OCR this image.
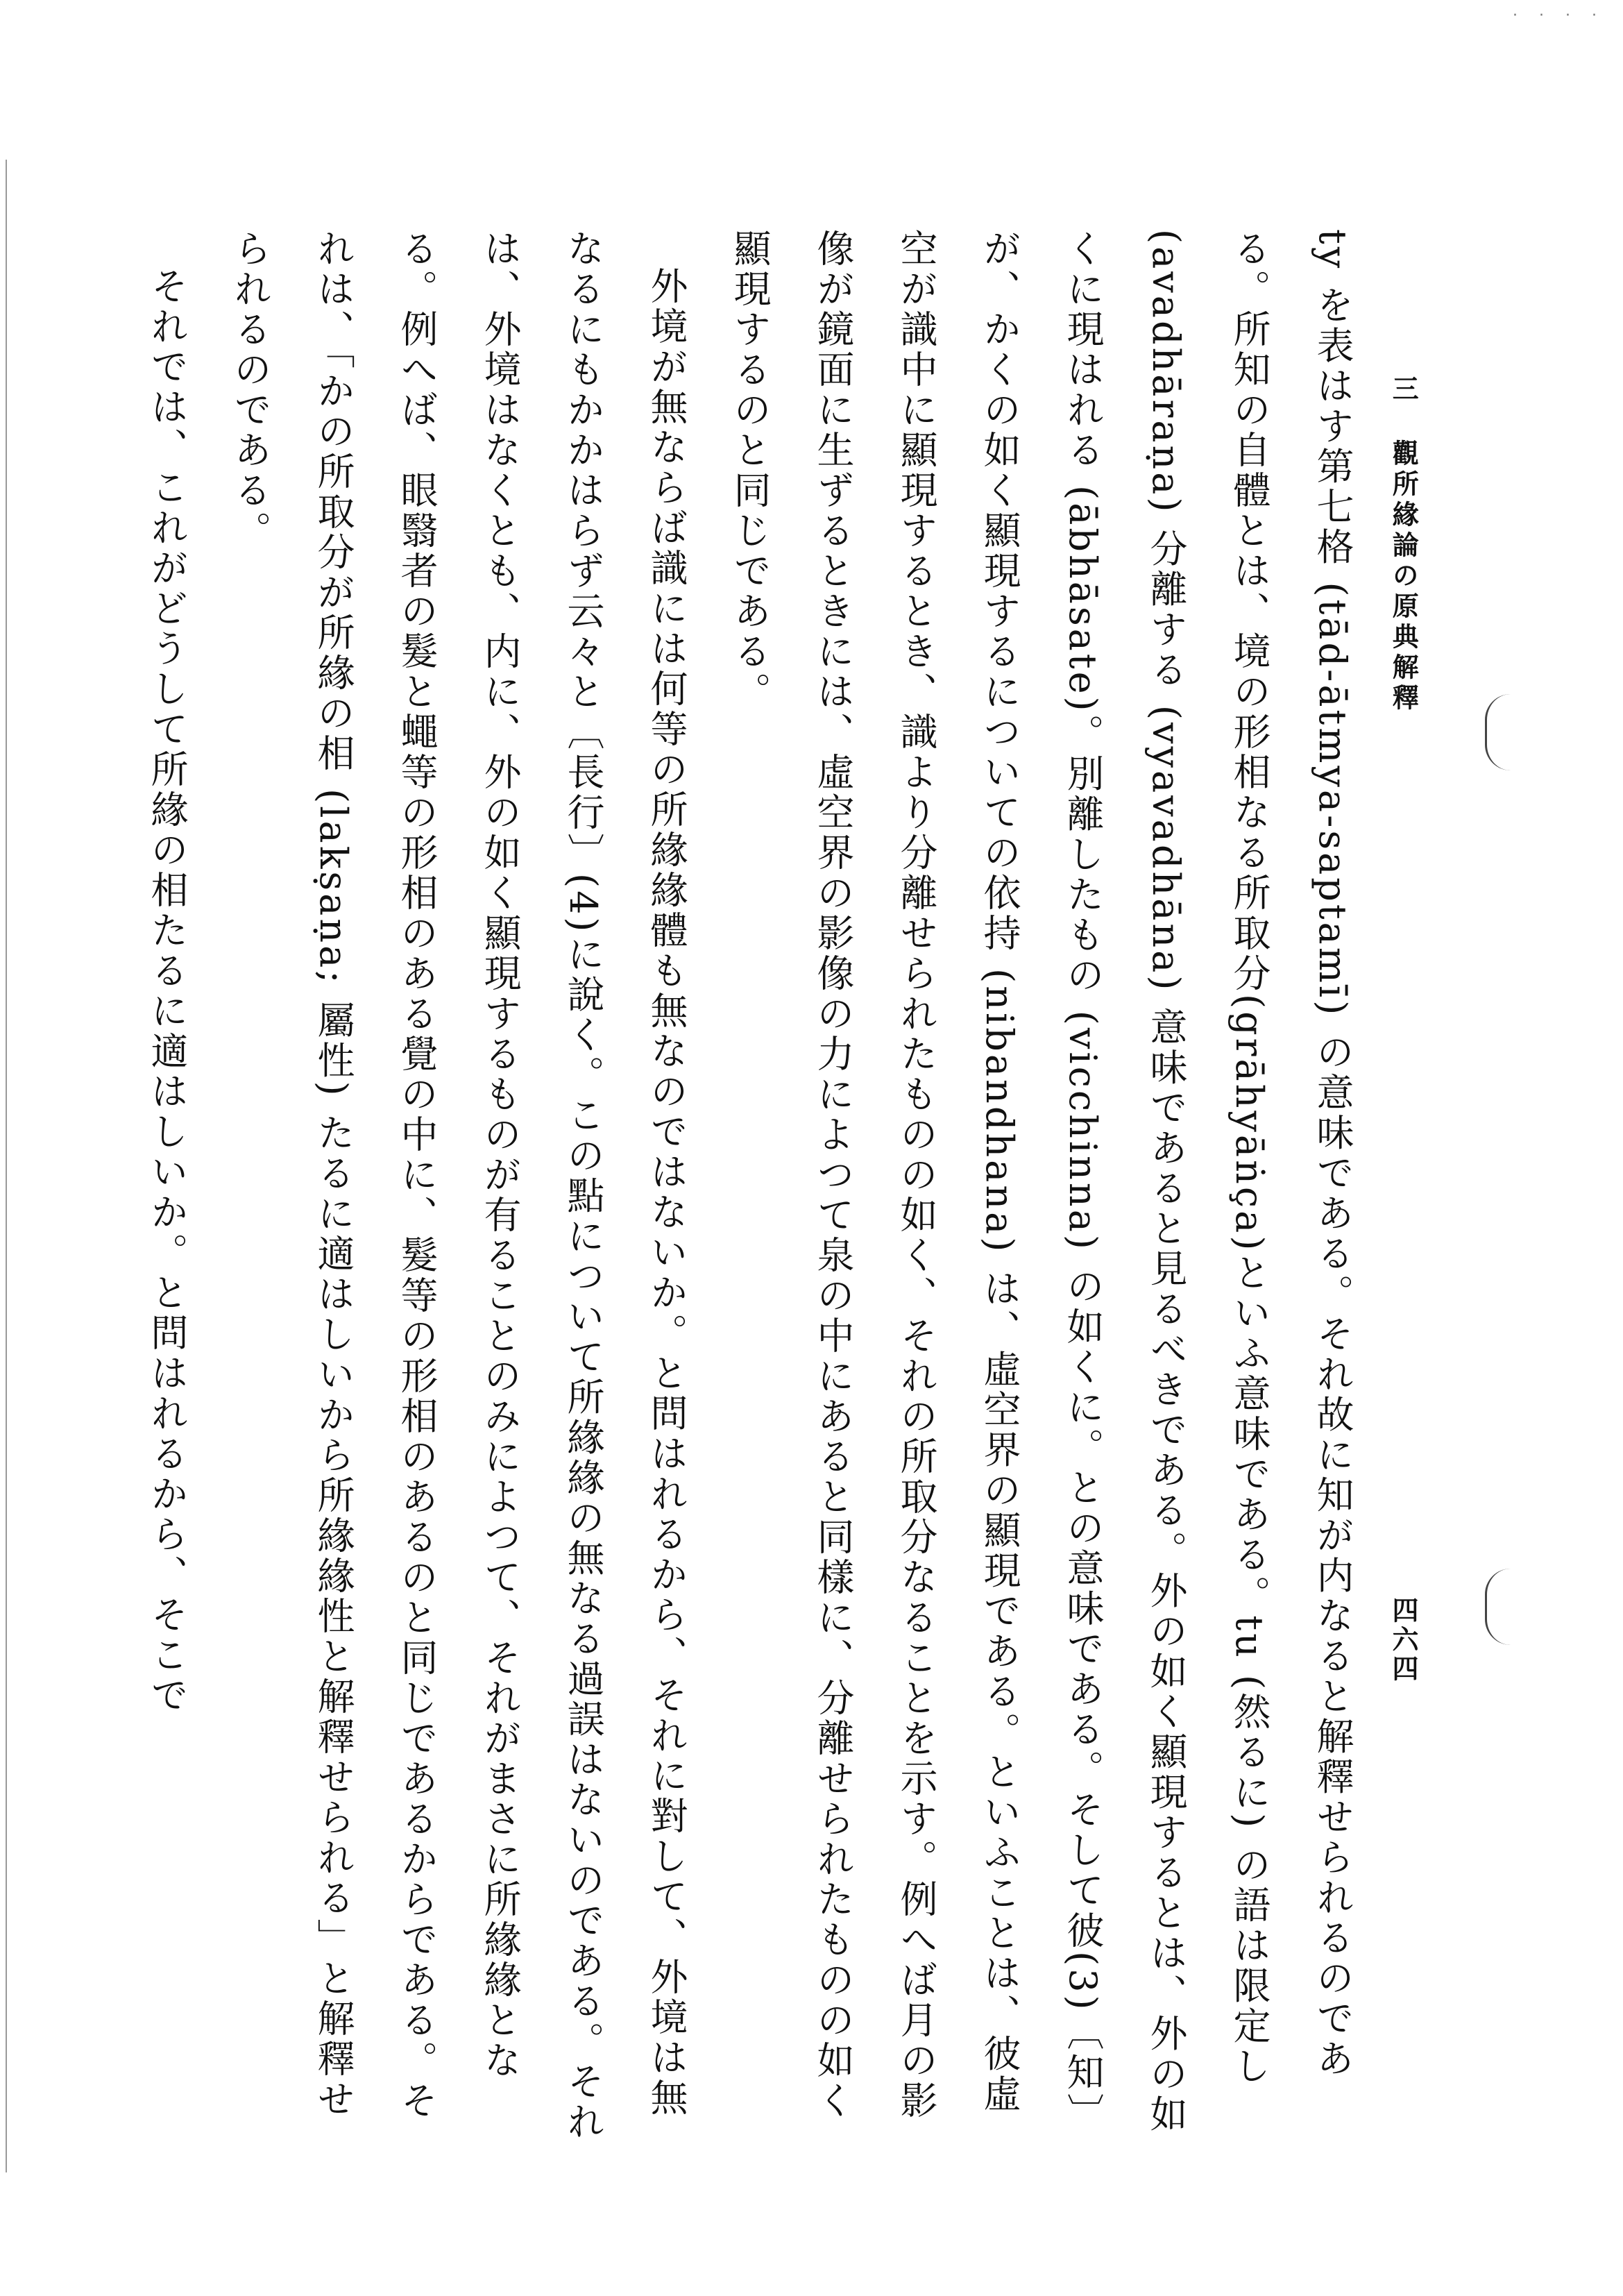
· · · ·
三 觀所緣論の原典解釋
四六四

ty を表はす第七格 (tād-ātmya-saptamī) の意味である。それ故に知が内なると解釋せられるのである。所知の自體とは、境の形相なる所取分(grāhyāṅça)といふ意味である。tu (然るに) の語は限定し (avadhāraṇa) 分離する (vyavadhāna) 意味であると見るべきである。外の如く顯現するとは、外の如くに現はれる (ābhāsate)。別離したもの (vicchinna) の如くに。との意味である。そして彼(3)〔知〕が、かくの如く顯現するについての依持 (nibandhana) は、虛空界の顯現である。といふことは、彼虛空が識中に顯現するとき、識より分離せられたものの如く、それの所取分なることを示す。例へば月の影像が鏡面に生ずるときには、虛空界の影像の力によつて泉の中にあると同樣に、分離せられたものの如く顯現するのと同じである。

外境が無ならば識には何等の所緣緣體も無なのではないか。と問はれるから、それに對して、外境は無なるにもかかはらず云々と〔長行〕(4)に說く。この點について所緣緣の無なる過誤はないのである。それは、外境はなくとも、内に、外の如く顯現するものが有ることのみによつて、それがまさに所緣緣となる。例へば、眼翳者の髮と蠅等の形相のある覺の中に、髮等の形相のあるのと同じであるからである。それは、「かの所取分が所緣の相 (lakṣaṇa; 屬性) たるに適はしいから所緣緣性と解釋せられる」と解釋せられるのである。

それでは、これがどうして所緣の相たるに適はしいか。と問はれるから、そこで
